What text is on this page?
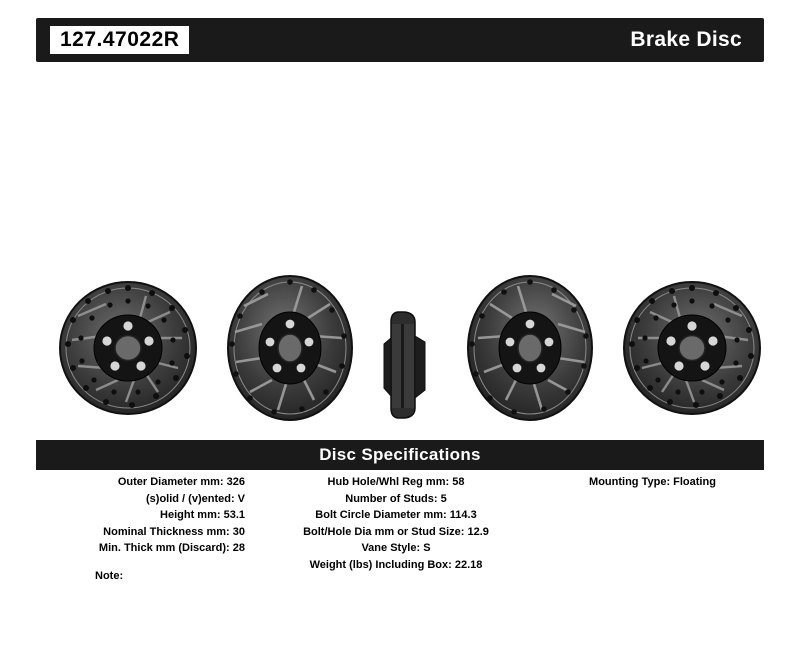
127.47022R	Brake Disc
Disc Specifications
Outer Diameter mm: 326
(s)olid / (v)ented: V
Height mm: 53.1
Nominal Thickness mm: 30
Min. Thick mm (Discard): 28
Hub Hole/Whl Reg mm: 58
Number of Studs: 5
Bolt Circle Diameter mm: 114.3
Bolt/Hole Dia mm or Stud Size: 12.9
Vane Style: S
Weight (lbs) Including Box: 22.18
Mounting Type: Floating
Note:
